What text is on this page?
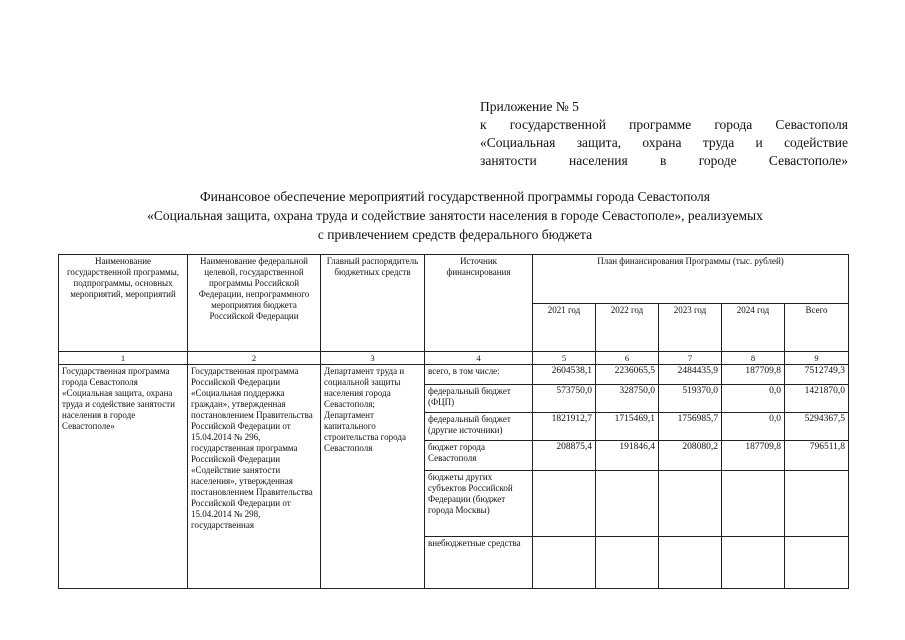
Приложение № 5
к государственной программе города Севастополя
«Социальная защита, охрана труда и содействие
занятости населения в городе Севастополе»
Финансовое обеспечение мероприятий государственной программы города Севастополя
«Социальная защита, охрана труда и содействие занятости населения в городе Севастополе», реализуемых
с привлечением средств федерального бюджета
Наименование государственной программы, подпрограммы, основных мероприятий, мероприятий	Наименование федеральной целевой, государственной программы Российской Федерации, непрограммного мероприятия бюджета Российской Федерации	Главный распорядитель бюджетных средств	Источник финансирования	План финансирования Программы (тыс. рублей)				
				2021 год	2022 год	2023 год	2024 год	Всего
1	2	3	4	5	6	7	8	9
Государственная программа города Севастополя «Социальная защита, охрана труда и содействие занятости населения в городе Севастополе»	Государственная программа Российской Федерации «Социальная поддержка граждан», утвержденная постановлением Правительства Российской Федерации от 15.04.2014 № 296, государственная программа Российской Федерации «Содействие занятости населения», утвержденная постановлением Правительства Российской Федерации от 15.04.2014 № 298, государственная	Департамент труда и социальной защиты населения города Севастополя; Департамент капитального строительства города Севастополя	всего, в том числе:	2604538,1	2236065,5	2484435,9	187709,8	7512749,3
			федеральный бюджет (ФЦП)	573750,0	328750,0	519370,0	0,0	1421870,0
			федеральный бюджет (другие источники)	1821912,7	1715469,1	1756985,7	0,0	5294367,5
			бюджет города Севастополя	208875,4	191846,4	208080,2	187709,8	796511,8
			бюджеты других субъектов Российской Федерации (бюджет города Москвы)					
			внебюджетные средства					
